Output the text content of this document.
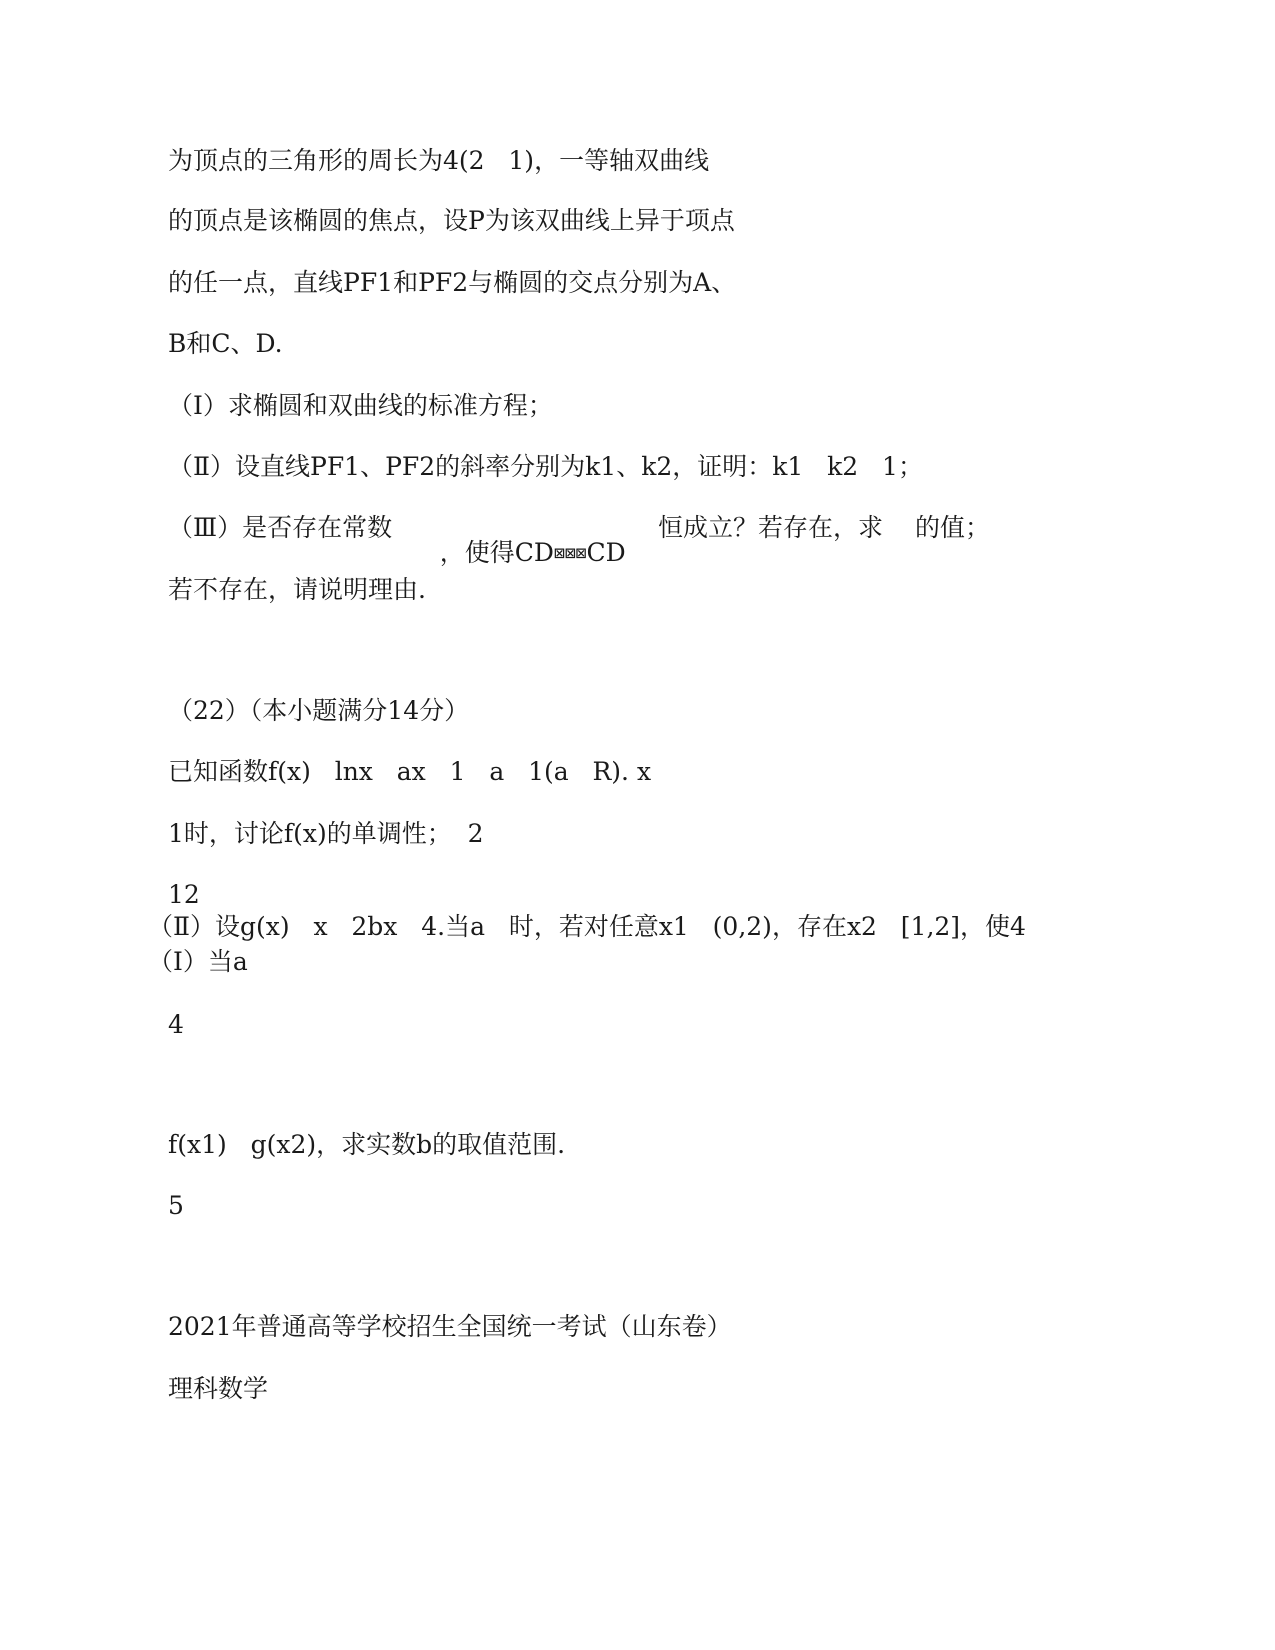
为顶点的三角形的周长为4(2   1)，一等轴双曲线
的顶点是该椭圆的焦点，设P为该双曲线上异于项点
的任一点，直线PF1和PF2与椭圆的交点分别为A、
B和C、D.
（Ⅰ）求椭圆和双曲线的标准方程；
（Ⅱ）设直线PF1、PF2的斜率分别为k1、k2，证明：k1   k2   1；
（Ⅲ）是否存在常数

，使得CD⊠⊠⊠CD

恒成立？若存在，求 的值；
若不存在，请说明理由.
（22）（本小题满分14分）
已知函数f(x)   lnx   ax   1   a   1(a   R). x
1时，讨论f(x)的单调性；  2
12
（Ⅱ）设g(x)   x   2bx   4.当a   时，若对任意x1   (0,2)，存在x2   [1,2]，使4
（Ⅰ）当a
4
f(x1)   g(x2)，求实数b的取值范围.
5
2021年普通高等学校招生全国统一考试（山东卷）
理科数学
